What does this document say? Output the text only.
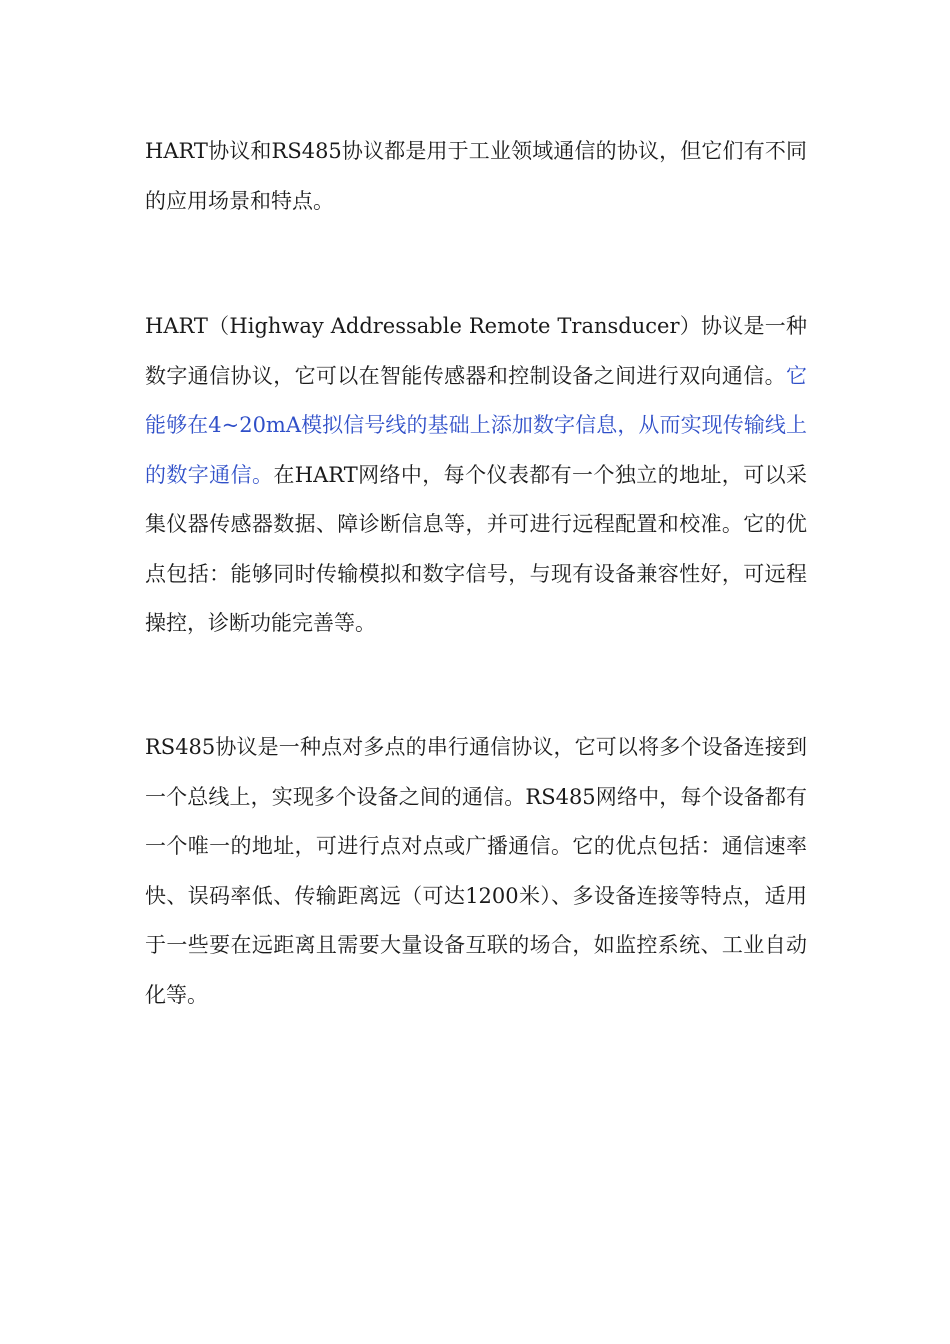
HART协议和RS485协议都是用于工业领域通信的协议，但它们有不同的应用场景和特点。

HART（Highway Addressable Remote Transducer）协议是一种数字通信协议，它可以在智能传感器和控制设备之间进行双向通信。它能够在4~20mA模拟信号线的基础上添加数字信息，从而实现传输线上的数字通信。在HART网络中，每个仪表都有一个独立的地址，可以采集仪器传感器数据、障诊断信息等，并可进行远程配置和校准。它的优点包括：能够同时传输模拟和数字信号，与现有设备兼容性好，可远程操控，诊断功能完善等。

RS485协议是一种点对多点的串行通信协议，它可以将多个设备连接到一个总线上，实现多个设备之间的通信。RS485网络中，每个设备都有一个唯一的地址，可进行点对点或广播通信。它的优点包括：通信速率快、误码率低、传输距离远（可达1200米）、多设备连接等特点，适用于一些要在远距离且需要大量设备互联的场合，如监控系统、工业自动化等。
